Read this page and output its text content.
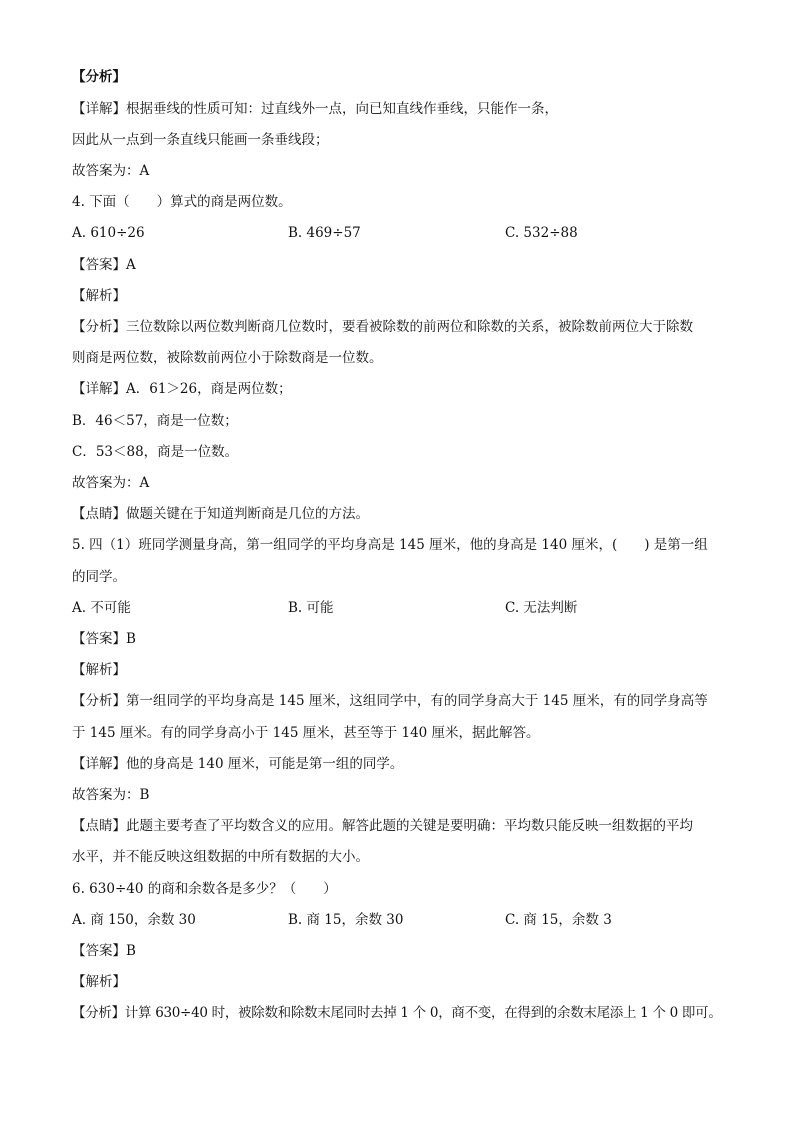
【分析】
【详解】根据垂线的性质可知：过直线外一点，向已知直线作垂线，只能作一条，
因此从一点到一条直线只能画一条垂线段；
故答案为：A
4. 下面（　　）算式的商是两位数。
A. 610÷26	B. 469÷57	C. 532÷88
【答案】A
【解析】
【分析】三位数除以两位数判断商几位数时，要看被除数的前两位和除数的关系，被除数前两位大于除数
则商是两位数，被除数前两位小于除数商是一位数。
【详解】A．61＞26，商是两位数；
B．46＜57，商是一位数；
C．53＜88，商是一位数。
故答案为：A
【点睛】做题关键在于知道判断商是几位的方法。
5. 四（1）班同学测量身高，第一组同学的平均身高是 145 厘米，他的身高是 140 厘米，(　　) 是第一组
的同学。
A. 不可能	B. 可能	C. 无法判断
【答案】B
【解析】
【分析】第一组同学的平均身高是 145 厘米，这组同学中，有的同学身高大于 145 厘米，有的同学身高等
于 145 厘米。有的同学身高小于 145 厘米，甚至等于 140 厘米，据此解答。
【详解】他的身高是 140 厘米，可能是第一组的同学。
故答案为：B
【点睛】此题主要考查了平均数含义的应用。解答此题的关键是要明确：平均数只能反映一组数据的平均
水平，并不能反映这组数据的中所有数据的大小。
6. 630÷40 的商和余数各是多少？（　　）
A. 商 150，余数 30	B. 商 15，余数 30	C. 商 15，余数 3
【答案】B
【解析】
【分析】计算 630÷40 时，被除数和除数末尾同时去掉 1 个 0，商不变，在得到的余数末尾添上 1 个 0 即可。
